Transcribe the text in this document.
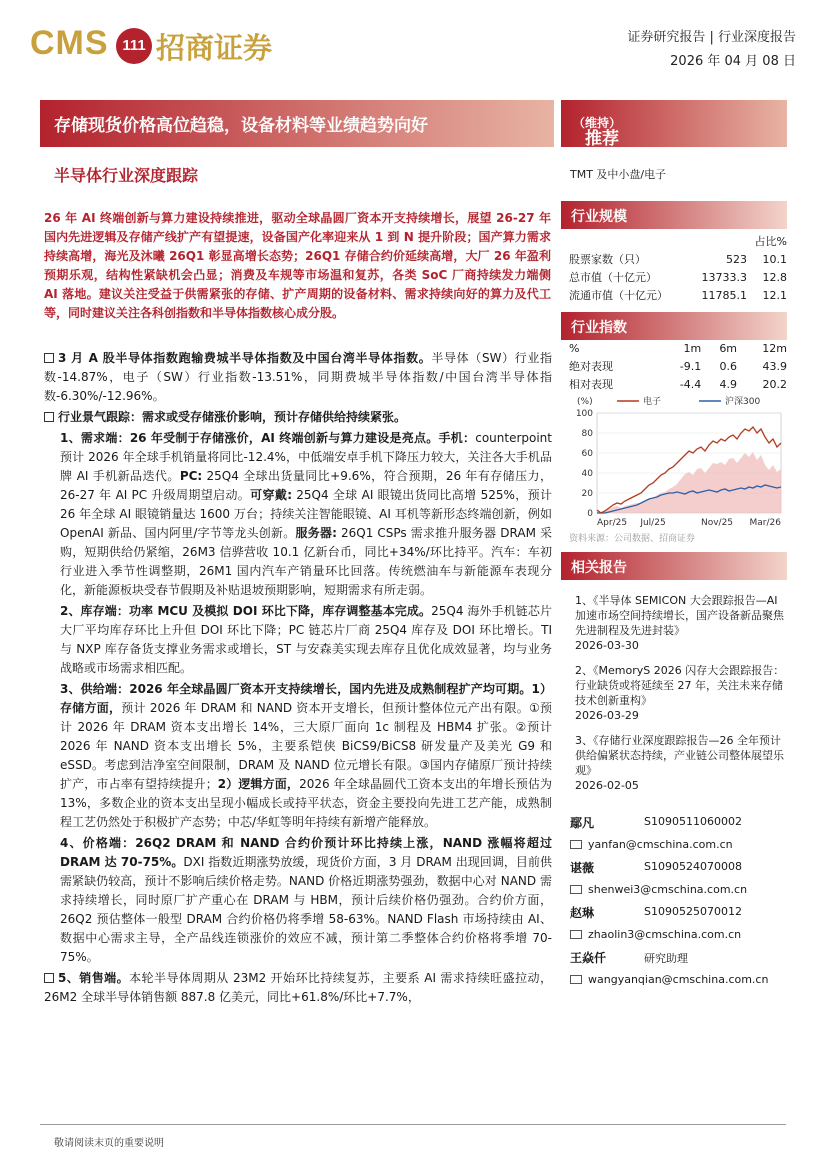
CMS 111 招商证券	证券研究报告 | 行业深度报告
2026 年 04 月 08 日
存储现货价格高位趋稳，设备材料等业绩趋势向好
推荐
（维持）
半导体行业深度跟踪	TMT 及中小盘/电子
26 年 AI 终端创新与算力建设持续推进，驱动全球晶圆厂资本开支持续增长，展望 26-27 年国内先进逻辑及存储产线扩产有望提速，设备国产化率迎来从 1 到 N 提升阶段；国产算力需求持续高增，海光及沐曦 26Q1 彰显高增长态势；26Q1 存储合约价延续高增，大厂 26 年盈利预期乐观，结构性紧缺机会凸显；消费及车规等市场温和复苏，各类 SoC 厂商持续发力端侧 AI 落地。建议关注受益于供需紧张的存储、扩产周期的设备材料、需求持续向好的算力及代工等，同时建议关注各科创指数和半导体指数核心成分股。

3 月 A 股半导体指数跑输费城半导体指数及中国台湾半导体指数。半导体（SW）行业指数-14.87%，电子（SW）行业指数-13.51%，同期费城半导体指数/中国台湾半导体指数-6.30%/-12.96%。

行业景气跟踪：需求或受存储涨价影响，预计存储供给持续紧张。

1、需求端：26 年受制于存储涨价，AI 终端创新与算力建设是亮点。手机：counterpoint 预计 2026 年全球手机销量将同比-12.4%，中低端安卓手机下降压力较大，关注各大手机品牌 AI 手机新品迭代。PC: 25Q4 全球出货量同比+9.6%，符合预期，26 年有存储压力，26-27 年 AI PC 升级周期望启动。可穿戴: 25Q4 全球 AI 眼镜出货同比高增 525%，预计 26 年全球 AI 眼镜销量达 1600 万台；持续关注智能眼镜、AI 耳机等新形态终端创新，例如 OpenAI 新品、国内阿里/字节等龙头创新。服务器: 26Q1 CSPs 需求推升服务器 DRAM 采购，短期供给仍紧缩，26M3 信骅营收 10.1 亿新台币，同比+34%/环比持平。汽车：车初行业进入季节性调整期，26M1 国内汽车产销量环比回落。传统燃油车与新能源车表现分化，新能源板块受春节假期及补贴退坡预期影响，短期需求有所走弱。

2、库存端：功率 MCU 及模拟 DOI 环比下降，库存调整基本完成。25Q4 海外手机链芯片大厂平均库存环比上升但 DOI 环比下降；PC 链芯片厂商 25Q4 库存及 DOI 环比增长。TI 与 NXP 库存备货支撑业务需求或增长，ST 与安森美实现去库存且优化成效显著，均与业务战略或市场需求相匹配。

3、供给端：2026 年全球晶圆厂资本开支持续增长，国内先进及成熟制程扩产均可期。1）存储方面，预计 2026 年 DRAM 和 NAND 资本开支增长，但预计整体位元产出有限。①预计 2026 年 DRAM 资本支出增长 14%，三大原厂面向 1c 制程及 HBM4 扩张。②预计 2026 年 NAND 资本支出增长 5%，主要系铠侠 BiCS9/BiCS8 研发量产及美光 G9 和 eSSD。考虑到洁净室空间限制，DRAM 及 NAND 位元增长有限。③国内存储原厂预计持续扩产，市占率有望持续提升；2）逻辑方面，2026 年全球晶圆代工资本支出的年增长预估为 13%，多数企业的资本支出呈现小幅成长或持平状态，资金主要投向先进工艺产能，成熟制程工艺仍然处于积极扩产态势；中芯/华虹等明年持续有新增产能释放。

4、价格端：26Q2 DRAM 和 NAND 合约价预计环比持续上涨，NAND 涨幅将超过 DRAM 达 70-75%。DXI 指数近期涨势放缓，现货价方面，3 月 DRAM 出现回调，目前供需紧缺仍较高，预计不影响后续价格走势。NAND 价格近期涨势强劲，数据中心对 NAND 需求持续增长，同时原厂扩产重心在 DRAM 与 HBM，预计后续价格仍强劲。合约价方面，26Q2 预估整体一般型 DRAM 合约价格仍将季增 58-63%。NAND Flash 市场持续由 AI、数据中心需求主导，全产品线连锁涨价的效应不减，预计第二季整体合约价格将季增 70-75%。

5、销售端。本轮半导体周期从 23M2 开始环比持续复苏，主要系 AI 需求持续旺盛拉动，26M2 全球半导体销售额 887.8 亿美元，同比+61.8%/环比+7.7%，

行业规模
		占比%
股票家数（只）	523	10.1
总市值（十亿元）	13733.3	12.8
流通市值（十亿元）	11785.1	12.1
行业指数
%	1m	6m	12m
绝对表现	-9.1	0.6	43.9
相对表现	-4.4	4.9	20.2
0
20
40
60
80
100
(%)
Apr/25 Jul/25	Nov/25 Mar/26
电子	沪深300
资料来源：公司数据、招商证券
相关报告
1、《半导体 SEMICON 大会跟踪报告—AI 加速市场空间持续增长，国产设备新品聚焦先进制程及先进封装》
2026-03-30
2、《MemoryS 2026 闪存大会跟踪报告：行业缺货或将延续至 27 年，关注未来存储技术创新重构》
2026-03-29
3、《存储行业深度跟踪报告—26 全年预计供给偏紧状态持续，产业链公司整体展望乐观》
2026-02-05
鄢凡	S1090511060002
yanfan@cmschina.com.cn
谌薇	S1090524070008
shenwei3@cmschina.com.cn
赵琳	S1090525070012
zhaolin3@cmschina.com.cn
王焱仟	研究助理
wangyanqian@cmschina.com.cn
敬请阅读末页的重要说明
